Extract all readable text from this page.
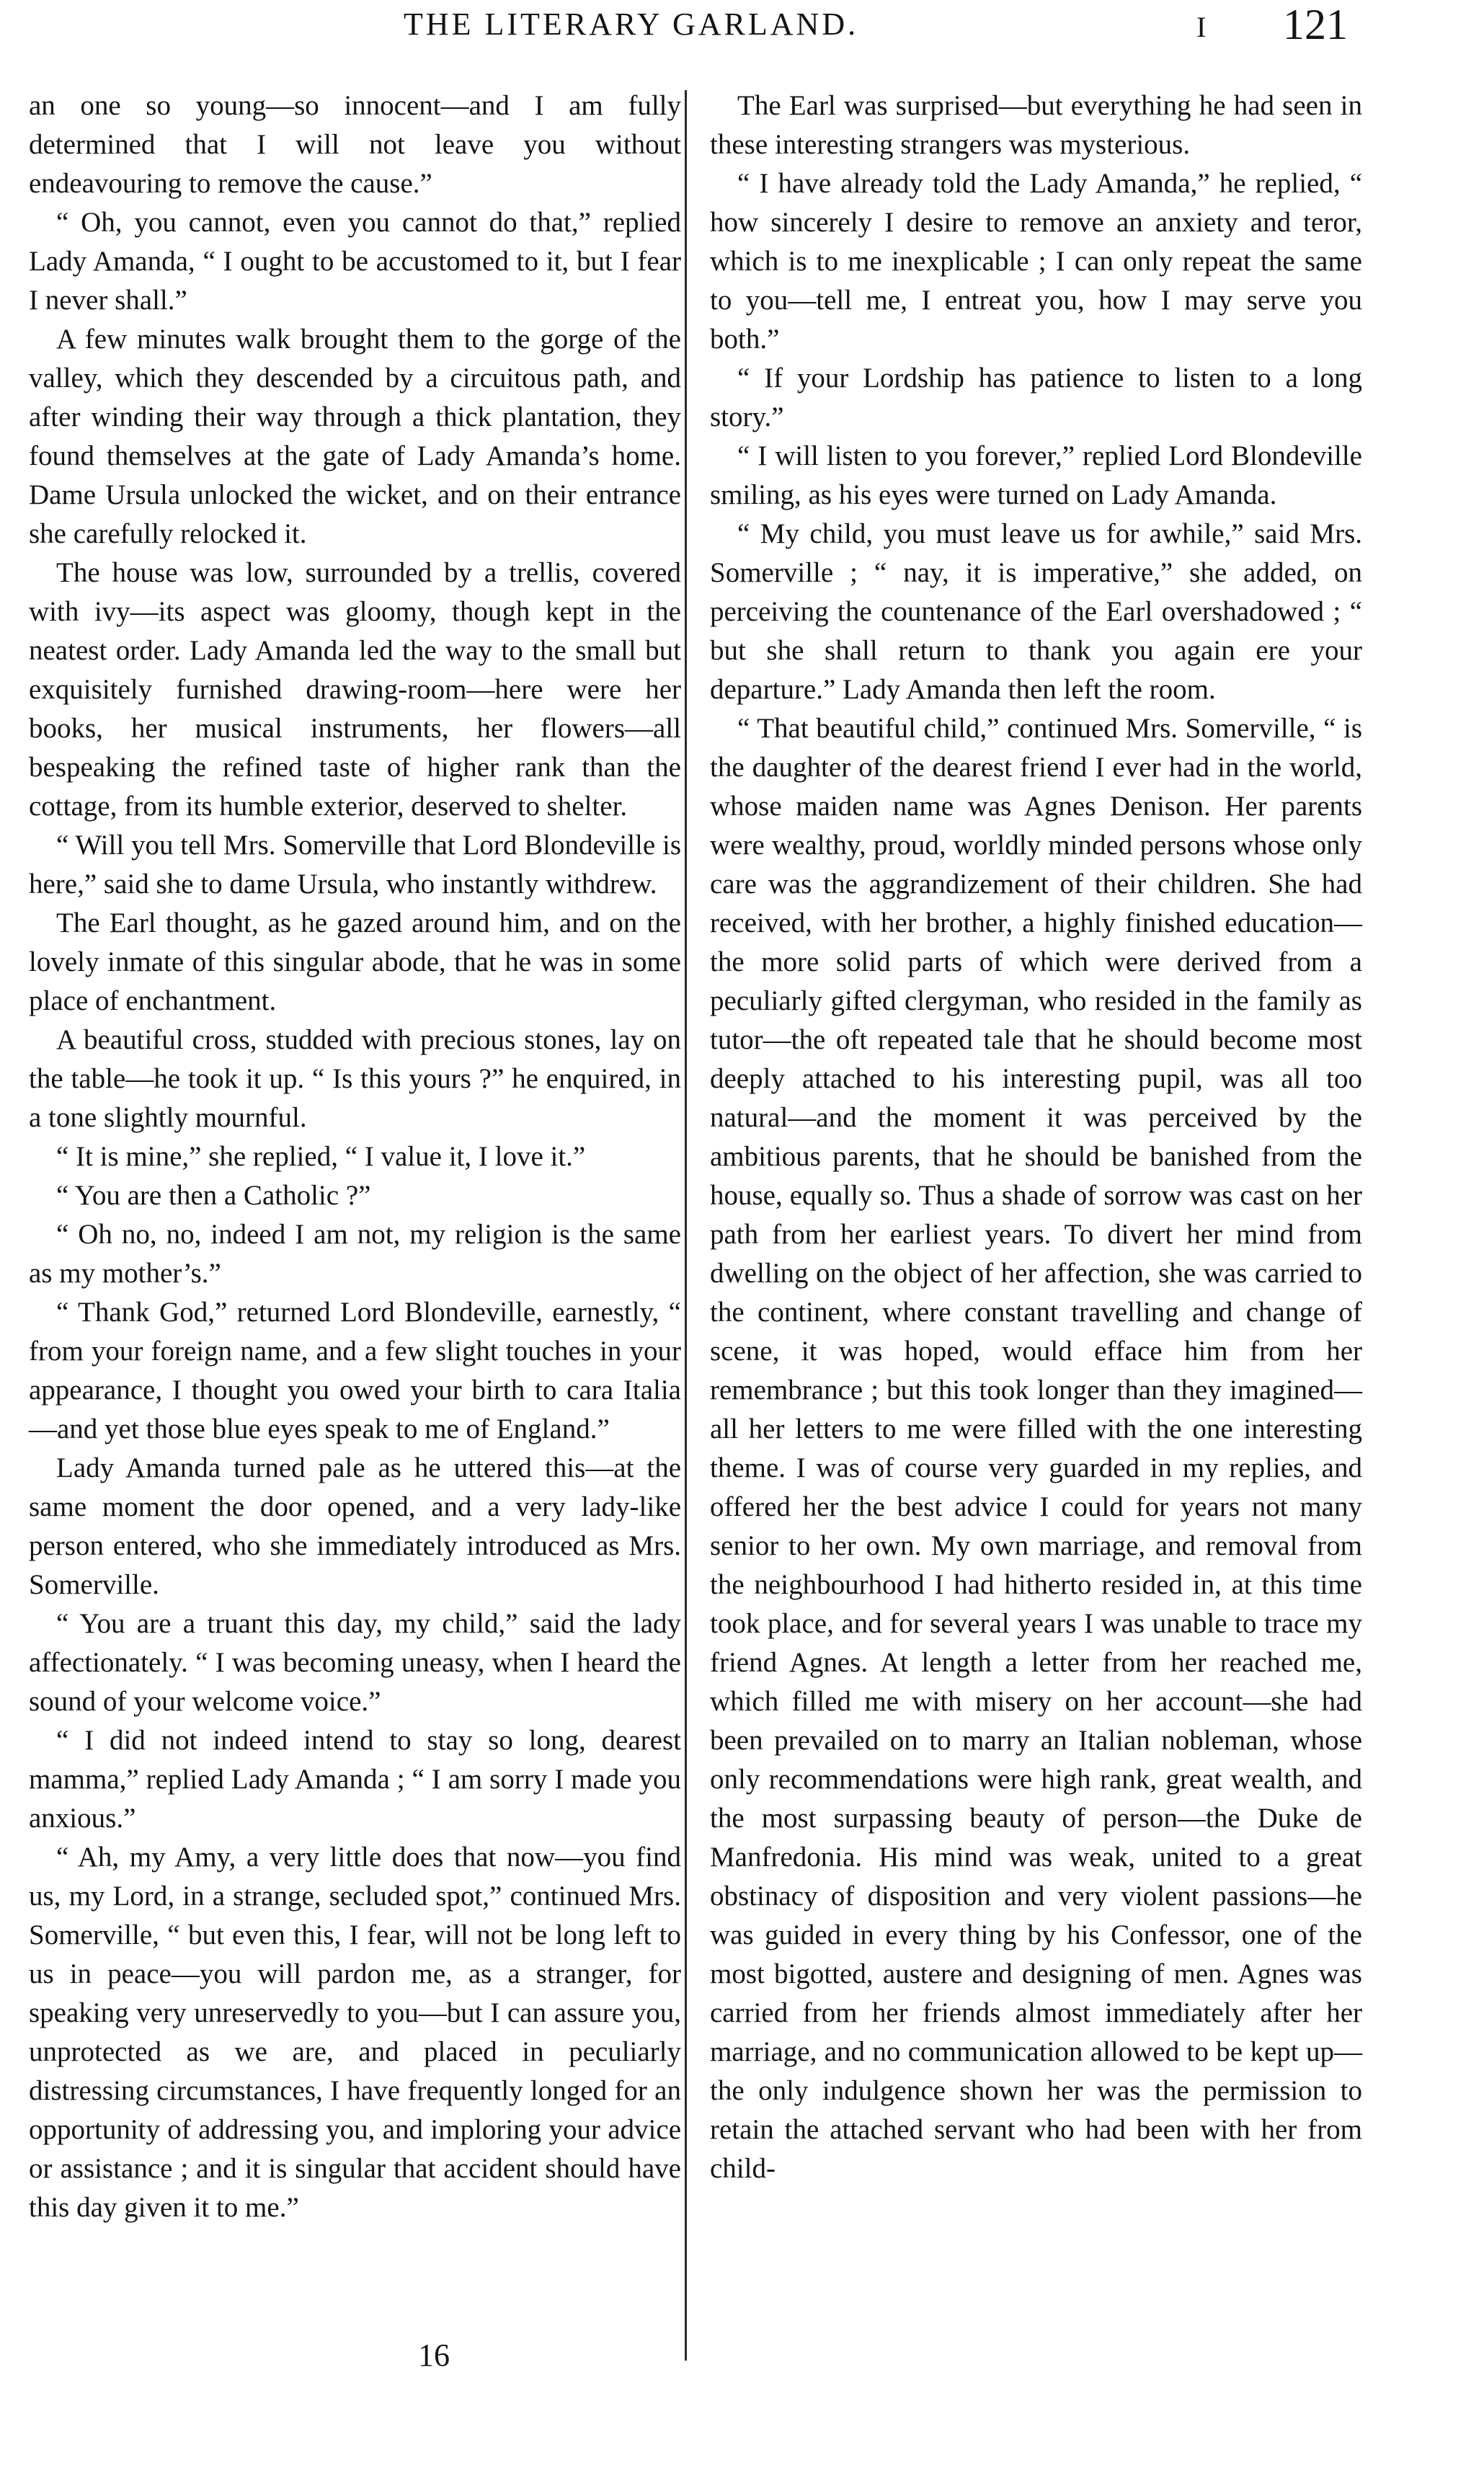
THE LITERARY GARLAND.	I 121

an one so young—so innocent—and I am fully determined that I will not leave you without endeavouring to remove the cause.”

“ Oh, you cannot, even you cannot do that,” replied Lady Amanda, “ I ought to be accustomed to it, but I fear I never shall.”

A few minutes walk brought them to the gorge of the valley, which they descended by a circuitous path, and after winding their way through a thick plantation, they found themselves at the gate of Lady Amanda’s home. Dame Ursula unlocked the wicket, and on their entrance she carefully relocked it.

The house was low, surrounded by a trellis, covered with ivy—its aspect was gloomy, though kept in the neatest order. Lady Amanda led the way to the small but exquisitely furnished drawing-room—here were her books, her musical instruments, her flowers—all bespeaking the refined taste of higher rank than the cottage, from its humble exterior, deserved to shelter.

“ Will you tell Mrs. Somerville that Lord Blondeville is here,” said she to dame Ursula, who instantly withdrew.

The Earl thought, as he gazed around him, and on the lovely inmate of this singular abode, that he was in some place of enchantment.

A beautiful cross, studded with precious stones, lay on the table—he took it up. “ Is this yours ?” he enquired, in a tone slightly mournful.

“ It is mine,” she replied, “ I value it, I love it.”

“ You are then a Catholic ?”

“ Oh no, no, indeed I am not, my religion is the same as my mother’s.”

“ Thank God,” returned Lord Blondeville, earnestly, “ from your foreign name, and a few slight touches in your appearance, I thought you owed your birth to cara Italia—and yet those blue eyes speak to me of England.”

Lady Amanda turned pale as he uttered this—at the same moment the door opened, and a very lady-like person entered, who she immediately introduced as Mrs. Somerville.

“ You are a truant this day, my child,” said the lady affectionately. “ I was becoming uneasy, when I heard the sound of your welcome voice.”

“ I did not indeed intend to stay so long, dearest mamma,” replied Lady Amanda ; “ I am sorry I made you anxious.”

“ Ah, my Amy, a very little does that now—you find us, my Lord, in a strange, secluded spot,” continued Mrs. Somerville, “ but even this, I fear, will not be long left to us in peace—you will pardon me, as a stranger, for speaking very unreservedly to you—but I can assure you, unprotected as we are, and placed in peculiarly distressing circumstances, I have frequently longed for an opportunity of addressing you, and imploring your advice or assistance ; and it is singular that accident should have this day given it to me.”

The Earl was surprised—but everything he had seen in these interesting strangers was mysterious.

“ I have already told the Lady Amanda,” he replied, “ how sincerely I desire to remove an anxiety and teror, which is to me inexplicable ; I can only repeat the same to you—tell me, I entreat you, how I may serve you both.”

“ If your Lordship has patience to listen to a long story.”

“ I will listen to you forever,” replied Lord Blondeville smiling, as his eyes were turned on Lady Amanda.

“ My child, you must leave us for awhile,” said Mrs. Somerville ; “ nay, it is imperative,” she added, on perceiving the countenance of the Earl overshadowed ; “ but she shall return to thank you again ere your departure.” Lady Amanda then left the room.

“ That beautiful child,” continued Mrs. Somerville, “ is the daughter of the dearest friend I ever had in the world, whose maiden name was Agnes Denison. Her parents were wealthy, proud, worldly minded persons whose only care was the aggrandizement of their children. She had received, with her brother, a highly finished education—the more solid parts of which were derived from a peculiarly gifted clergyman, who resided in the family as tutor—the oft repeated tale that he should become most deeply attached to his interesting pupil, was all too natural—and the moment it was perceived by the ambitious parents, that he should be banished from the house, equally so. Thus a shade of sorrow was cast on her path from her earliest years. To divert her mind from dwelling on the object of her affection, she was carried to the continent, where constant travelling and change of scene, it was hoped, would efface him from her remembrance ; but this took longer than they imagined—all her letters to me were filled with the one interesting theme. I was of course very guarded in my replies, and offered her the best advice I could for years not many senior to her own. My own marriage, and removal from the neighbourhood I had hitherto resided in, at this time took place, and for several years I was unable to trace my friend Agnes. At length a letter from her reached me, which filled me with misery on her account—she had been prevailed on to marry an Italian nobleman, whose only recommendations were high rank, great wealth, and the most surpassing beauty of person—the Duke de Manfredonia. His mind was weak, united to a great obstinacy of disposition and very violent passions—he was guided in every thing by his Confessor, one of the most bigotted, austere and designing of men. Agnes was carried from her friends almost immediately after her marriage, and no communication allowed to be kept up—the only indulgence shown her was the permission to retain the attached servant who had been with her from child-

16
